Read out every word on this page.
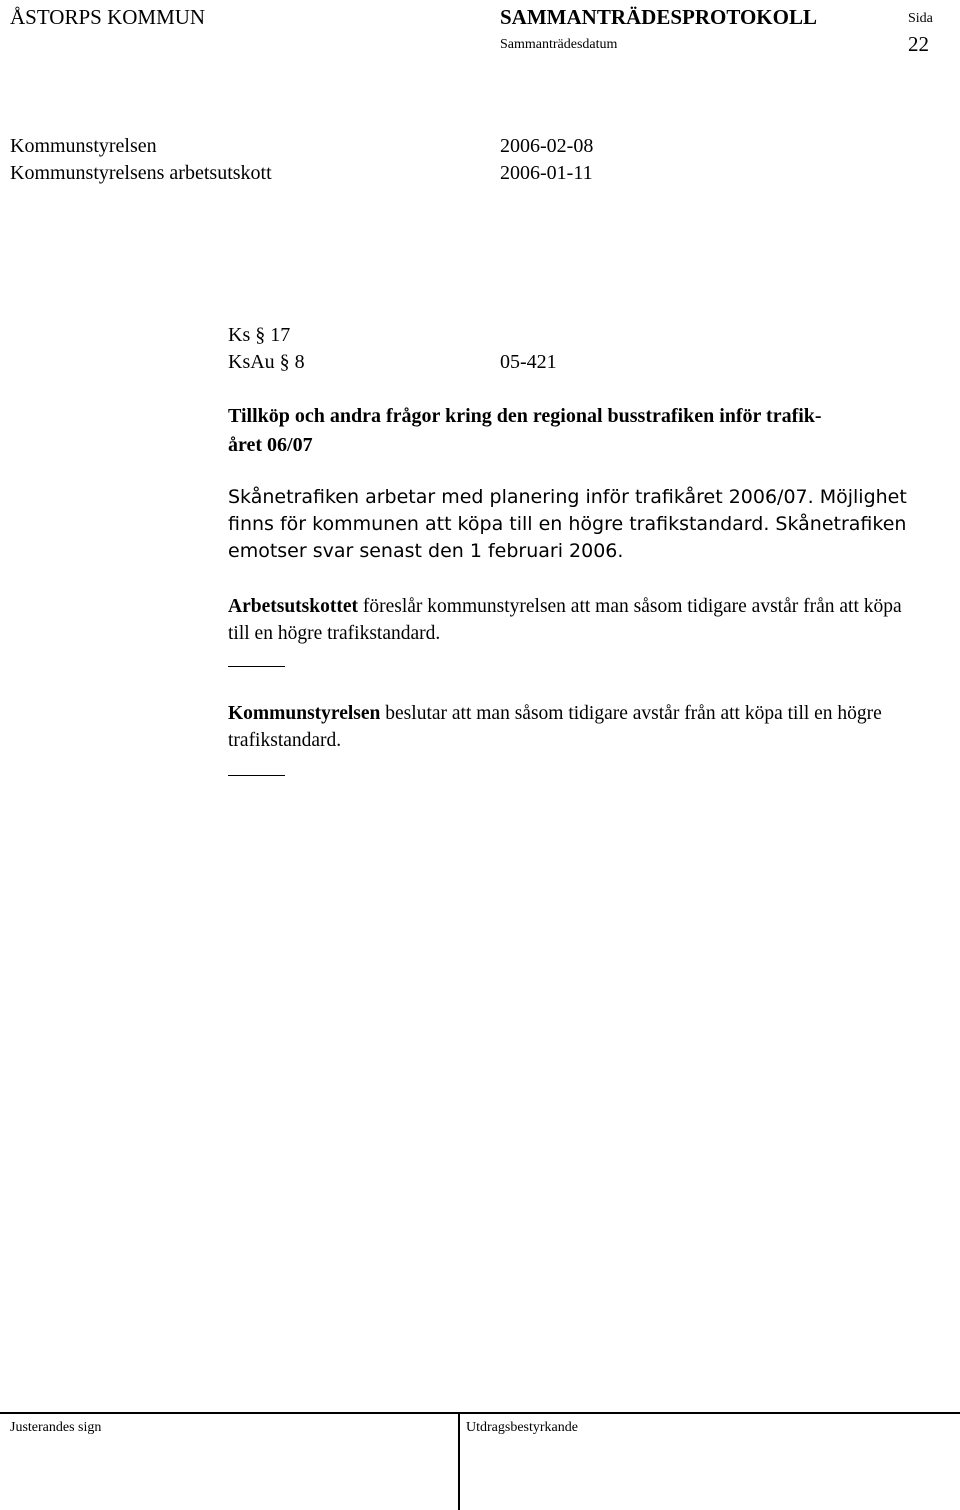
ÅSTORPS KOMMUN	SAMMANTRÄDESPROTOKOLL	Sida
Sammanträdesdatum	22
Kommunstyrelsen	2006-02-08
Kommunstyrelsens arbetsutskott	2006-01-11
Ks § 17
KsAu § 8	05-421
Tillköp och andra frågor kring den regional busstrafiken inför trafik-
året 06/07
Skånetrafiken arbetar med planering inför trafikåret 2006/07. Möjlighet finns för kommunen att köpa till en högre trafikstandard. Skånetrafiken emotser svar senast den 1 februari 2006.
Arbetsutskottet föreslår kommunstyrelsen att man såsom tidigare avstår från att köpa till en högre trafikstandard.
Kommunstyrelsen beslutar att man såsom tidigare avstår från att köpa till en högre trafikstandard.
Justerandes sign	Utdragsbestyrkande
